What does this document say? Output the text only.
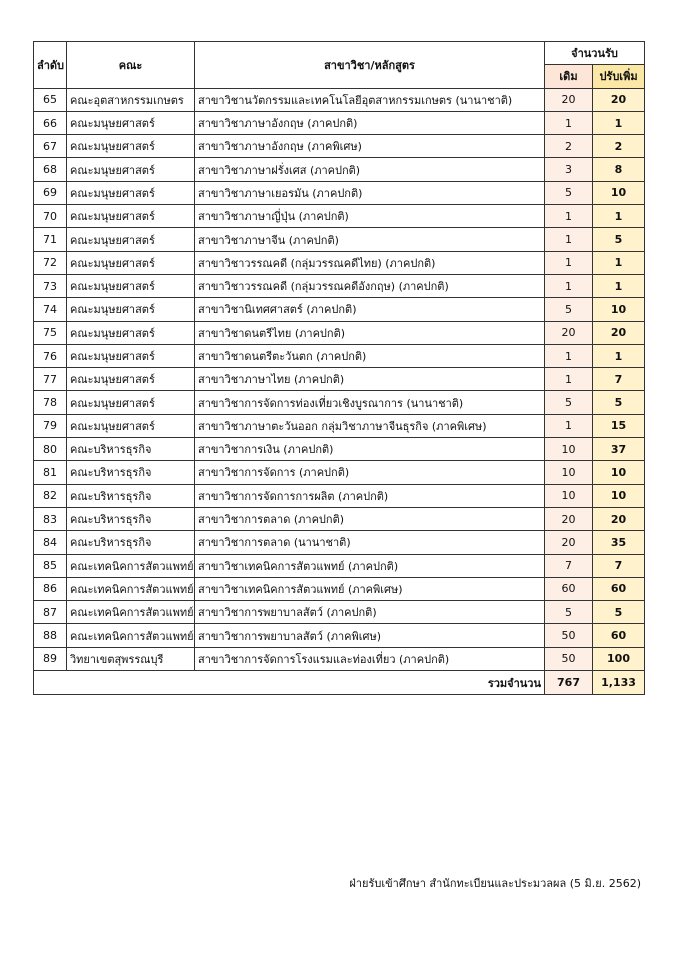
ลำดับ	คณะ	สาขาวิชา/หลักสูตร	จำนวนรับ	
			เดิม	ปรับเพิ่ม
65	คณะอุตสาหกรรมเกษตร	สาขาวิชานวัตกรรมและเทคโนโลยีอุตสาหกรรมเกษตร (นานาชาติ)	20	20
66	คณะมนุษยศาสตร์	สาขาวิชาภาษาอังกฤษ (ภาคปกติ)	1	1
67	คณะมนุษยศาสตร์	สาขาวิชาภาษาอังกฤษ (ภาคพิเศษ)	2	2
68	คณะมนุษยศาสตร์	สาขาวิชาภาษาฝรั่งเศส (ภาคปกติ)	3	8
69	คณะมนุษยศาสตร์	สาขาวิชาภาษาเยอรมัน (ภาคปกติ)	5	10
70	คณะมนุษยศาสตร์	สาขาวิชาภาษาญี่ปุ่น (ภาคปกติ)	1	1
71	คณะมนุษยศาสตร์	สาขาวิชาภาษาจีน (ภาคปกติ)	1	5
72	คณะมนุษยศาสตร์	สาขาวิชาวรรณคดี (กลุ่มวรรณคดีไทย) (ภาคปกติ)	1	1
73	คณะมนุษยศาสตร์	สาขาวิชาวรรณคดี (กลุ่มวรรณคดีอังกฤษ) (ภาคปกติ)	1	1
74	คณะมนุษยศาสตร์	สาขาวิชานิเทศศาสตร์ (ภาคปกติ)	5	10
75	คณะมนุษยศาสตร์	สาขาวิชาดนตรีไทย (ภาคปกติ)	20	20
76	คณะมนุษยศาสตร์	สาขาวิชาดนตรีตะวันตก (ภาคปกติ)	1	1
77	คณะมนุษยศาสตร์	สาขาวิชาภาษาไทย (ภาคปกติ)	1	7
78	คณะมนุษยศาสตร์	สาขาวิชาการจัดการท่องเที่ยวเชิงบูรณาการ (นานาชาติ)	5	5
79	คณะมนุษยศาสตร์	สาขาวิชาภาษาตะวันออก กลุ่มวิชาภาษาจีนธุรกิจ (ภาคพิเศษ)	1	15
80	คณะบริหารธุรกิจ	สาขาวิชาการเงิน (ภาคปกติ)	10	37
81	คณะบริหารธุรกิจ	สาขาวิชาการจัดการ (ภาคปกติ)	10	10
82	คณะบริหารธุรกิจ	สาขาวิชาการจัดการการผลิต (ภาคปกติ)	10	10
83	คณะบริหารธุรกิจ	สาขาวิชาการตลาด (ภาคปกติ)	20	20
84	คณะบริหารธุรกิจ	สาขาวิชาการตลาด (นานาชาติ)	20	35
85	คณะเทคนิคการสัตวแพทย์	สาขาวิชาเทคนิคการสัตวแพทย์ (ภาคปกติ)	7	7
86	คณะเทคนิคการสัตวแพทย์	สาขาวิชาเทคนิคการสัตวแพทย์ (ภาคพิเศษ)	60	60
87	คณะเทคนิคการสัตวแพทย์	สาขาวิชาการพยาบาลสัตว์ (ภาคปกติ)	5	5
88	คณะเทคนิคการสัตวแพทย์	สาขาวิชาการพยาบาลสัตว์ (ภาคพิเศษ)	50	60
89	วิทยาเขตสุพรรณบุรี	สาขาวิชาการจัดการโรงแรมและท่องเที่ยว (ภาคปกติ)	50	100
รวมจำนวน			767	1,133
ฝ่ายรับเข้าศึกษา สำนักทะเบียนและประมวลผล (5 มิ.ย. 2562)
